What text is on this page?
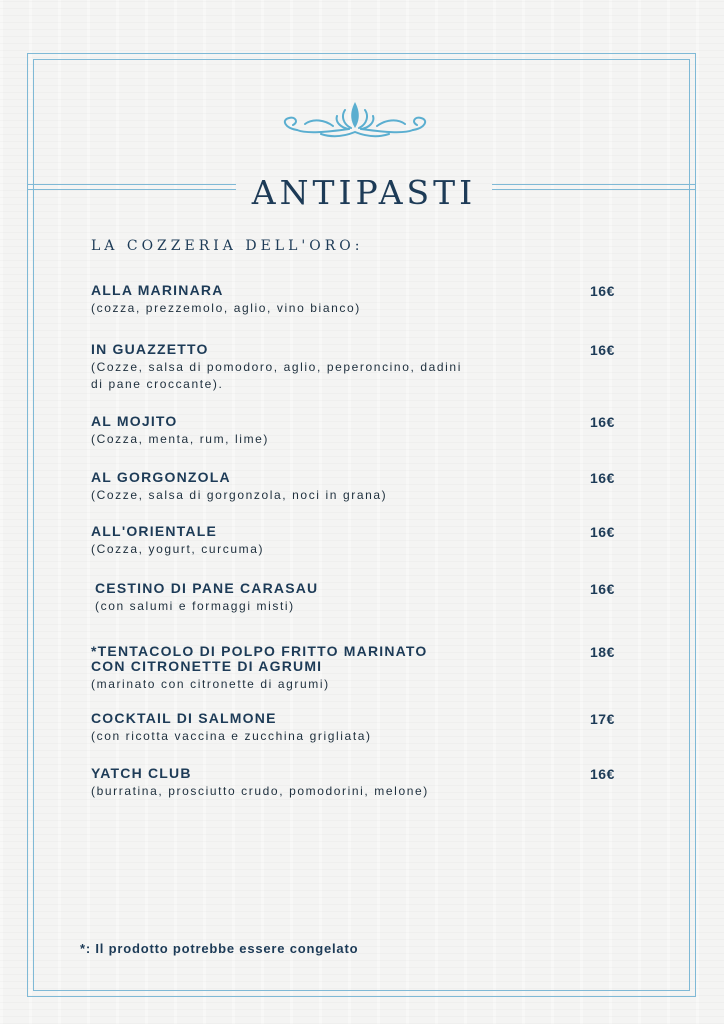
ANTIPASTI
LA COZZERIA DELL'ORO:
ALLA MARINARA
(cozza, prezzemolo, aglio, vino bianco)
16€
IN GUAZZETTO
(Cozze, salsa di pomodoro, aglio, peperoncino, dadini di pane croccante).
16€
AL MOJITO
(Cozza, menta, rum, lime)
16€
AL GORGONZOLA
(Cozze, salsa di gorgonzola, noci in grana)
16€
ALL'ORIENTALE
(Cozza, yogurt, curcuma)
16€
CESTINO DI PANE CARASAU
(con salumi e formaggi misti)
16€
*TENTACOLO DI POLPO FRITTO MARINATO CON CITRONETTE DI AGRUMI
(marinato con citronette di agrumi)
18€
COCKTAIL DI SALMONE
(con ricotta vaccina e zucchina grigliata)
17€
YATCH CLUB
(burratina, prosciutto crudo, pomodorini, melone)
16€
*: Il prodotto potrebbe essere congelato
